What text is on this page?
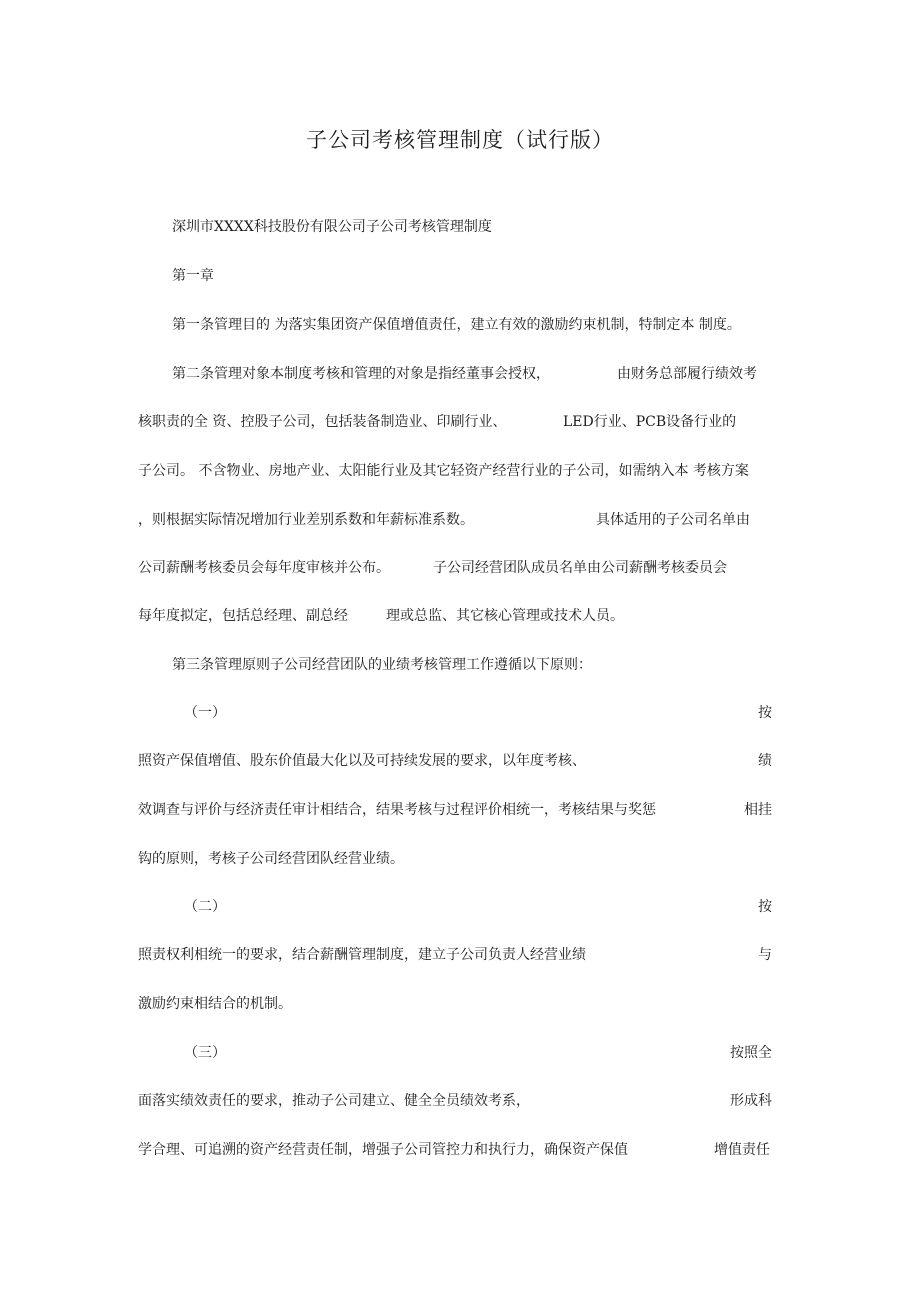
子公司考核管理制度（试行版）
深圳市XXXX科技股份有限公司子公司考核管理制度
第一章
第一条管理目的 为落实集团资产保值增值责任，建立有效的激励约束机制，特制定本 制度。
第二条管理对象本制度考核和管理的对象是指经董事会授权，	由财务总部履行绩效考
核职责的全 资、控股子公司，包括装备制造业、印刷行业、	LED行业、PCB设备行业的
子公司。 不含物业、房地产业、太阳能行业及其它轻资产经营行业的子公司，如需纳入本 考核方案
，则根据实际情况增加行业差别系数和年薪标准系数。	具体适用的子公司名单由
公司薪酬考核委员会每年度审核并公布。	子公司经营团队成员名单由公司薪酬考核委员会
每年度拟定，包括总经理、副总经	理或总监、其它核心管理或技术人员。
第三条管理原则子公司经营团队的业绩考核管理工作遵循以下原则：
（一）	按
照资产保值增值、股东价值最大化以及可持续发展的要求，以年度考核、	绩
效调查与评价与经济责任审计相结合，结果考核与过程评价相统一，考核结果与奖惩	相挂
钩的原则，考核子公司经营团队经营业绩。
（二）	按
照责权利相统一的要求，结合薪酬管理制度，建立子公司负责人经营业绩	与
激励约束相结合的机制。
（三）	按照全
面落实绩效责任的要求，推动子公司建立、健全全员绩效考系，	形成科
学合理、可追溯的资产经营责任制，增强子公司管控力和执行力，确保资产保值	增值责任
